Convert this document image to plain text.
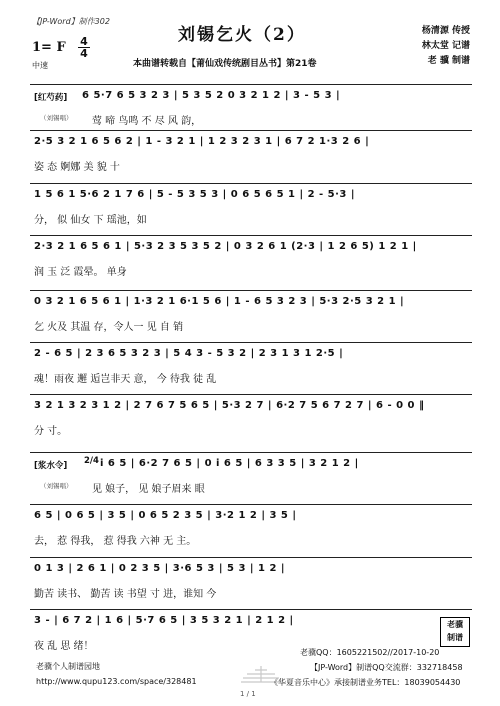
【JP-Word】制作302
刘锡乞火（2）
1= F $\frac{4}{4}$
中速	本曲谱转载自【莆仙戏传统剧目丛书】第21卷
杨清源 传授
林太堂 记谱
老 骥 制谱
[红芍药] 6 5·7 6 5 3 2 3 | 5 3 5 2 0 3 2 1 2 | 3 - 5 3 |
（刘锡唱） 莺 啼 鸟鸣 不 尽 风 韵，
2·5 3 2 1 6 5 6 2 | 1 - 3 2 1 | 1 2 3 2 3 1 | 6 7 2 1·3 2 6 |
姿 态 婀娜 美 貌 十
1 5 6 1 5·6 2 1 7 6 | 5 - 5 3 5 3 | 0 6 5 6 5 1 | 2 - 5·3 |
分， 似 仙女 下 瑶池，如
2·3 2 1 6 5 6 1 | 5·3 2 3 5 3 5 2 | 0 3 2 6 1 (2·3 | 1 2 6 5) 1 2 1 |
润 玉 泛 霞晕。 单身
0 3 2 1 6 5 6 1 | 1·3 2 1 6·1 5 6 | 1 - 6 5 3 2 3 | 5·3 2·5 3 2 1 |
乞 火及 其温 存，令人一 见 自 销
2 - 6 5 | 2 3 6 5 3 2 3 | 5 4 3 - 5 3 2 | 2 3 1 3 1 2·5 |
魂！雨夜 邂 逅岂非天 意， 今 待我 徒 乱
3 2 1 3 2 3 1 2 | 2 7 6 7 5 6 5 | 5·3 2 7 | 6·2 7 5 6 7 2 7 | 6 - 0 0 ‖
分 寸。
[浆水令] 2/4 i 6 5 | 6·2 7 6 5 | 0 i 6 5 | 6 3 3 5 | 3 2 1 2 |
（刘锡唱） 见 娘子， 见 娘子眉来 眼
6 5 | 0 6 5 | 3 5 | 0 6 5 2 3 5 | 3·2 1 2 | 3 5 |
去， 惹 得我， 惹 得我 六神 无 主。
0 1 3 | 2 6 1 | 0 2 3 5 | 3·6 5 3 | 5 3 | 1 2 |
勤苦 读书、 勤苦 读 书望 寸 进，谁知 今
3 - | 6 7 2 | 1 6 | 5·7 6 5 | 3 5 3 2 1 | 2 1 2 |
夜 乱 思 绪！
老骥
制谱
老骥个人制谱园地
http://www.qupu123.com/space/328481
老骥QQ：1605221502//2017-10-20
【JP-Word】制谱QQ交流群：332718458
《华夏音乐中心》承接制谱业务TEL：18039054430
1 / 1
